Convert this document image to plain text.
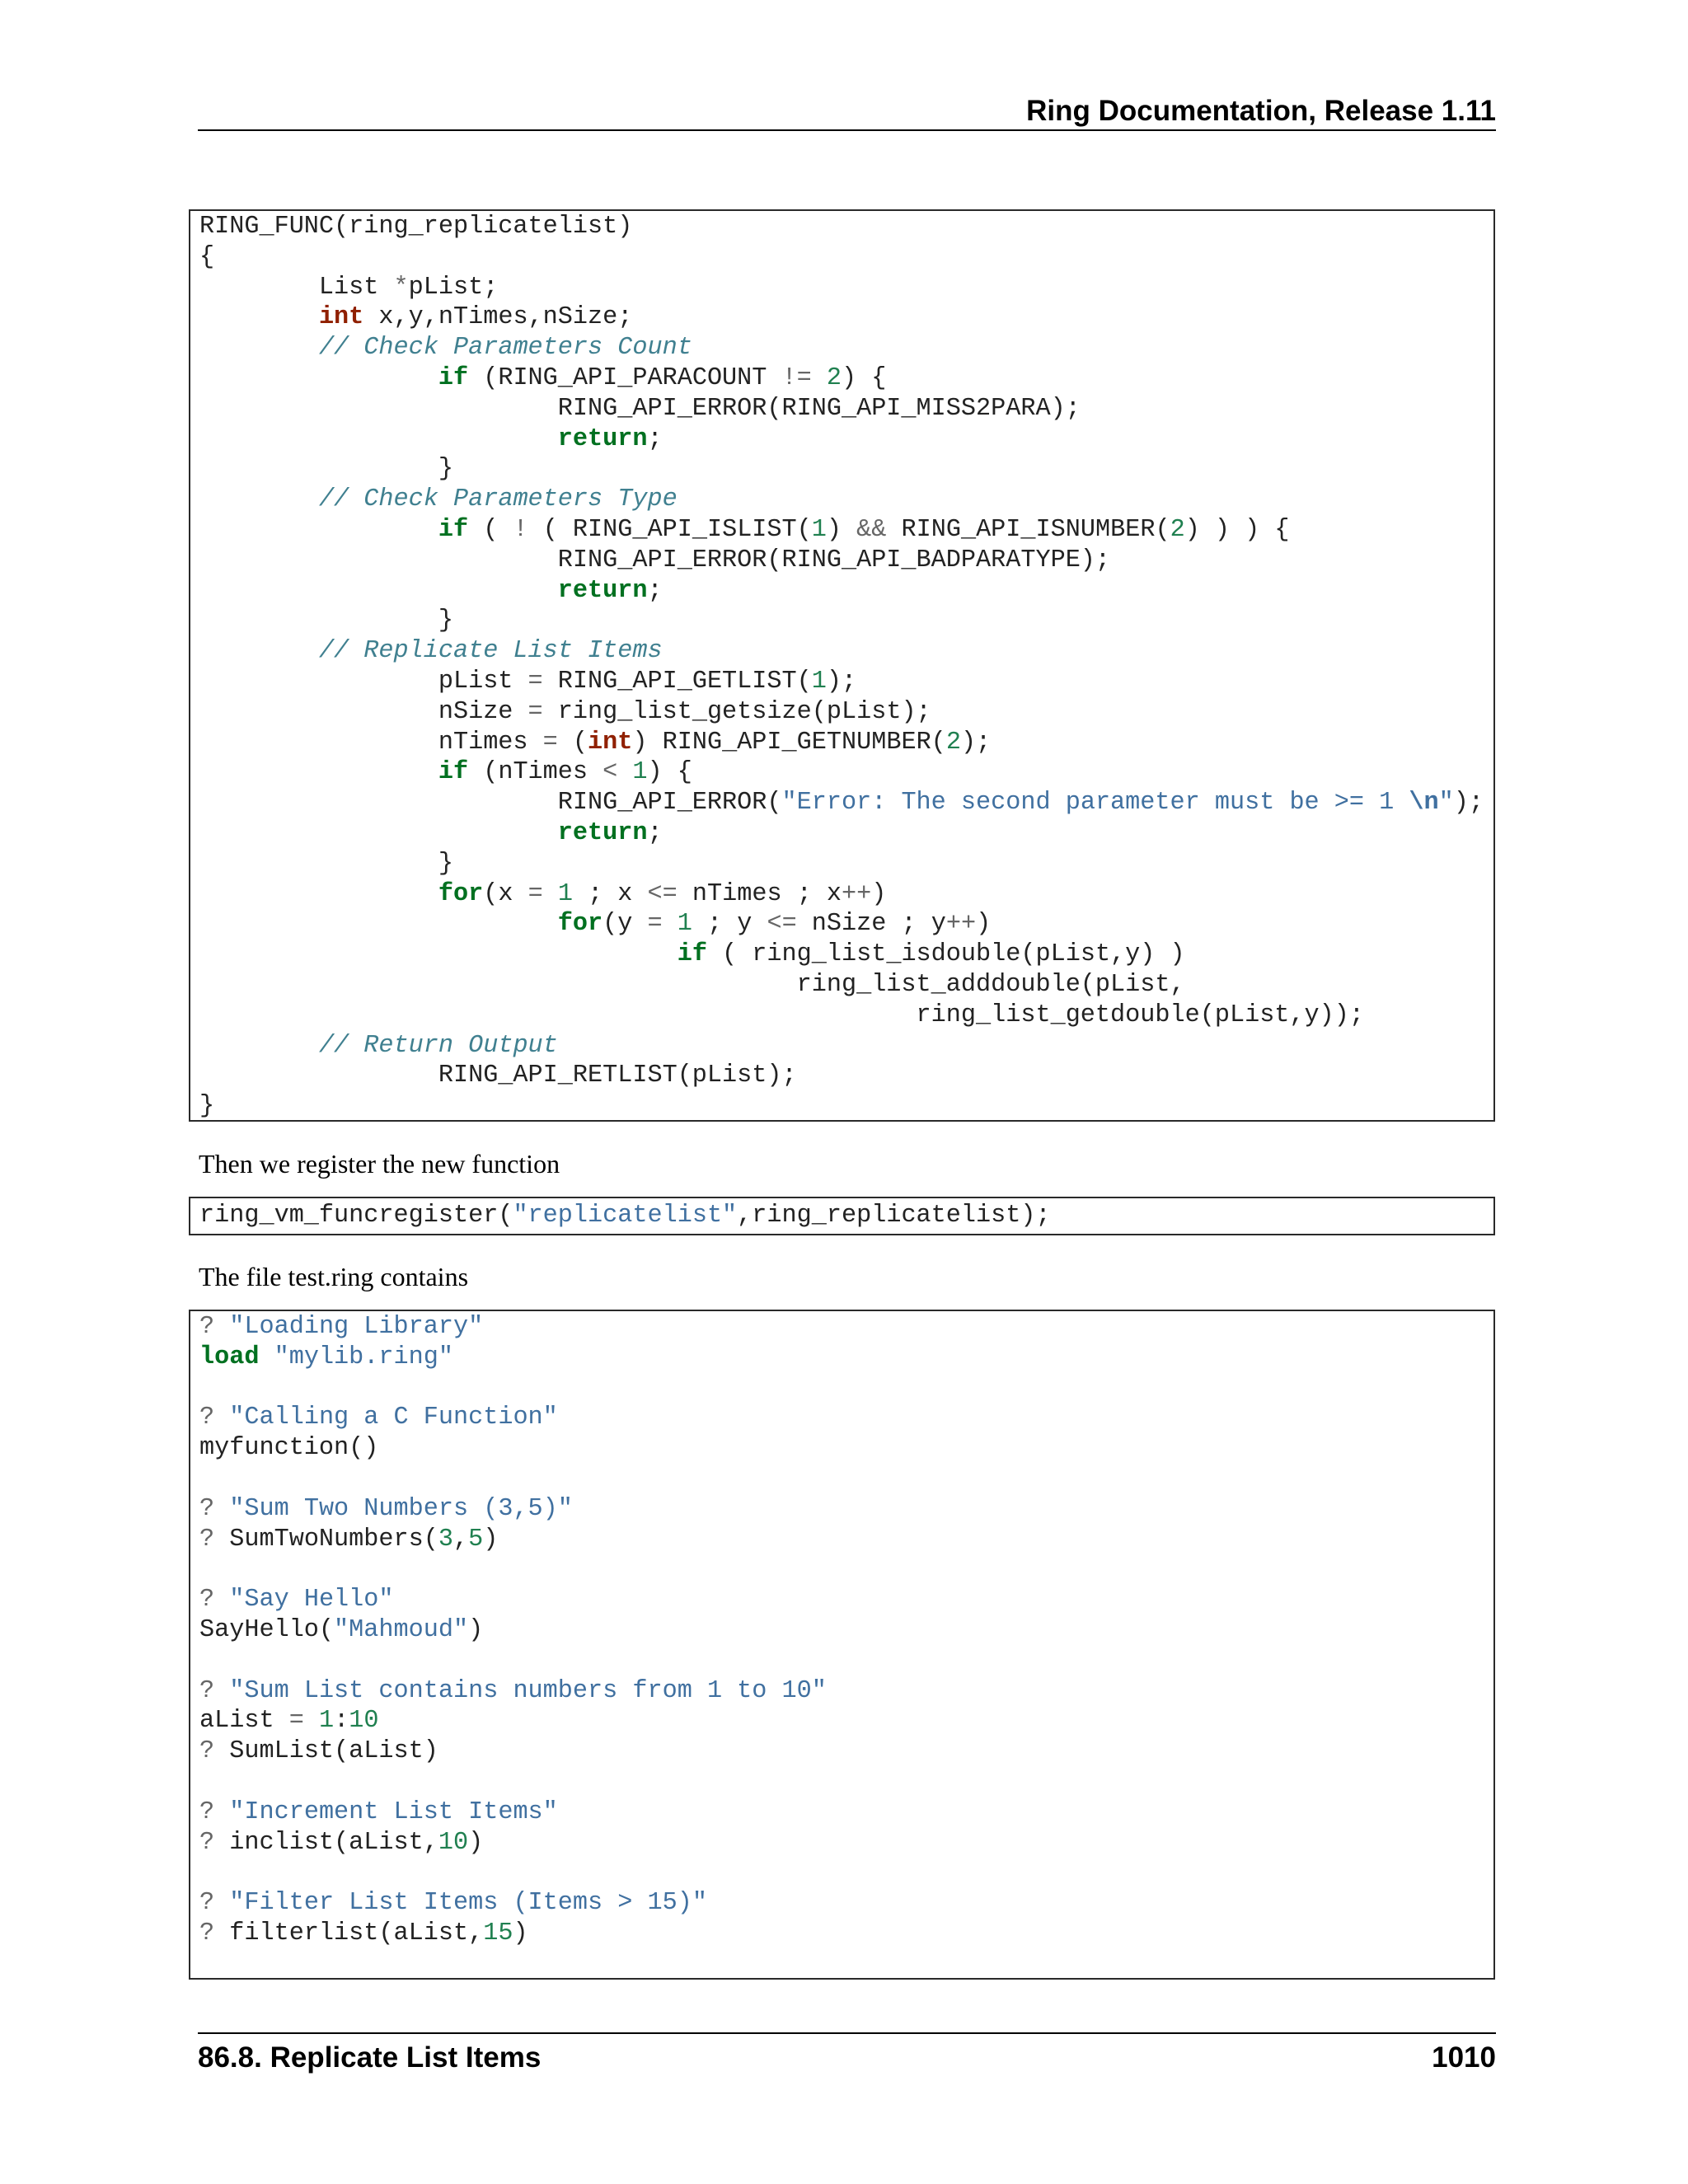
Ring Documentation, Release 1.11
RING_FUNC(ring_replicatelist)
{
List *pList;
int x,y,nTimes,nSize;
// Check Parameters Count
if (RING_API_PARACOUNT != 2) {
RING_API_ERROR(RING_API_MISS2PARA);
return;
}
// Check Parameters Type
if ( ! ( RING_API_ISLIST(1) && RING_API_ISNUMBER(2) ) ) {
RING_API_ERROR(RING_API_BADPARATYPE);
return;
}
// Replicate List Items
pList = RING_API_GETLIST(1);
nSize = ring_list_getsize(pList);
nTimes = (int) RING_API_GETNUMBER(2);
if (nTimes < 1) {
RING_API_ERROR("Error: The second parameter must be >= 1 \n");
return;
}
for(x = 1 ; x <= nTimes ; x++)
for(y = 1 ; y <= nSize ; y++)
if ( ring_list_isdouble(pList,y) )
ring_list_adddouble(pList,
ring_list_getdouble(pList,y));
// Return Output
RING_API_RETLIST(pList);
}
Then we register the new function
ring_vm_funcregister("replicatelist",ring_replicatelist);
The file test.ring contains
? "Loading Library"
load "mylib.ring"

? "Calling a C Function"
myfunction()

? "Sum Two Numbers (3,5)"
? SumTwoNumbers(3,5)

? "Say Hello"
SayHello("Mahmoud")

? "Sum List contains numbers from 1 to 10"
aList = 1:10
? SumList(aList)

? "Increment List Items"
? inclist(aList,10)

? "Filter List Items (Items > 15)"
? filterlist(aList,15)
86.8. Replicate List Items	1010
